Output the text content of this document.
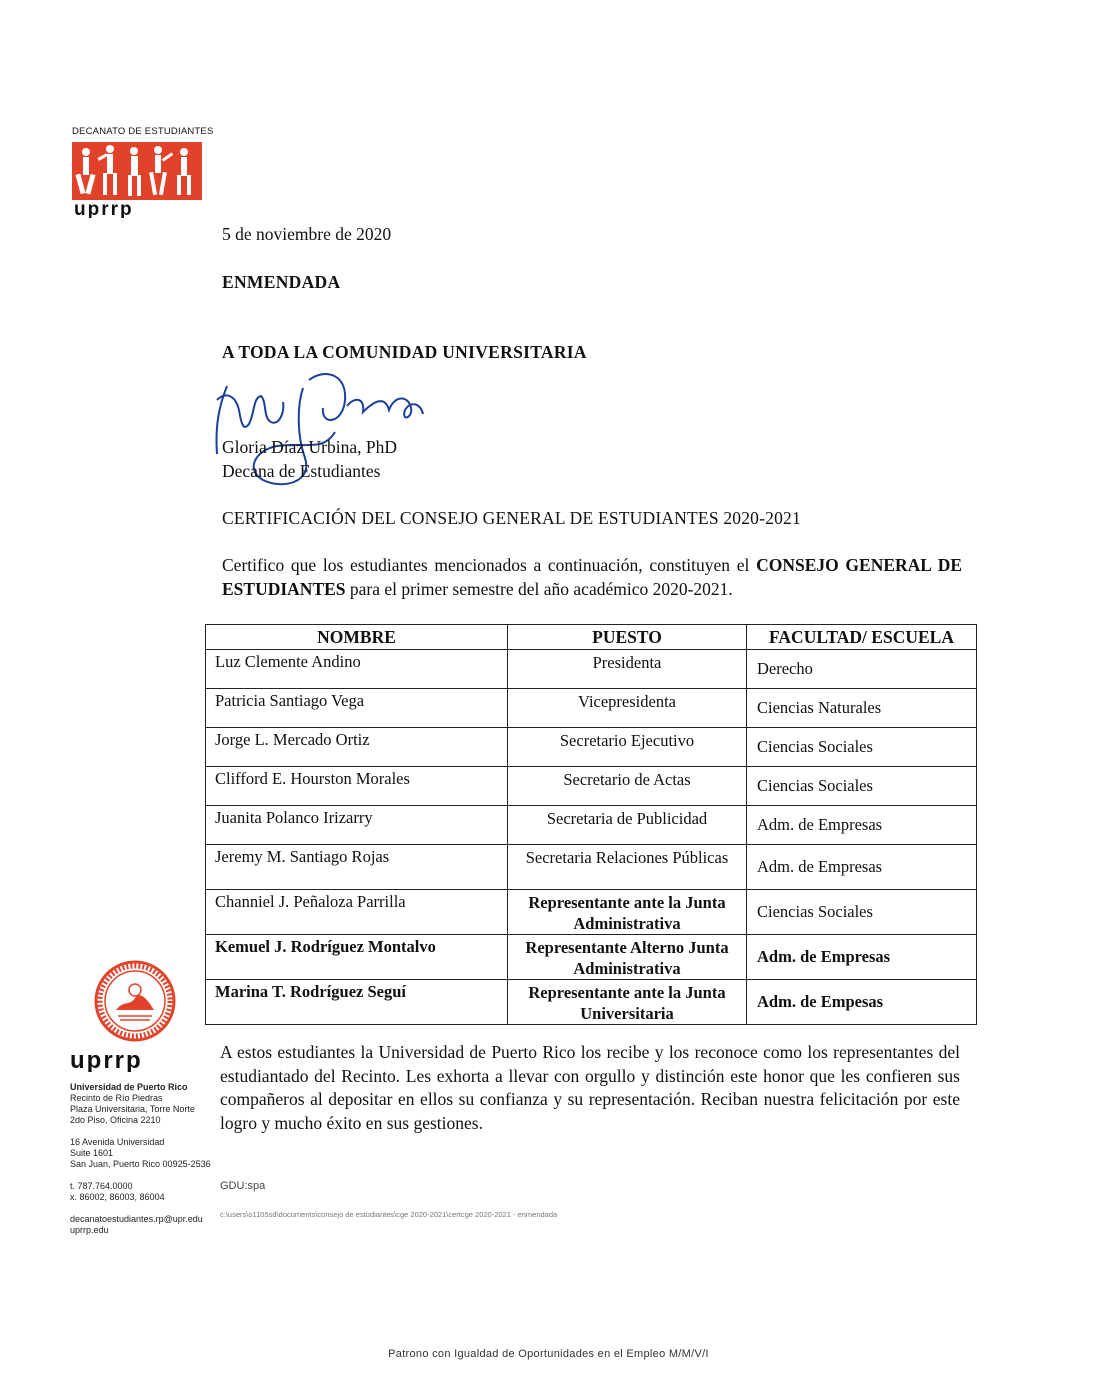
DECANATO DE ESTUDIANTES
uprrp
5 de noviembre de 2020
ENMENDADA
A TODA LA COMUNIDAD UNIVERSITARIA
Gloria Díaz Urbina, PhD
Decana de Estudiantes
CERTIFICACIÓN DEL CONSEJO GENERAL DE ESTUDIANTES 2020-2021
Certifico que los estudiantes mencionados a continuación, constituyen el CONSEJO GENERAL DE ESTUDIANTES para el primer semestre del año académico 2020-2021.
NOMBRE	PUESTO	FACULTAD/ ESCUELA
Luz Clemente Andino	Presidenta	Derecho
Patricia Santiago Vega	Vicepresidenta	Ciencias Naturales
Jorge L. Mercado Ortiz	Secretario Ejecutivo	Ciencias Sociales
Clifford E. Hourston Morales	Secretario de Actas	Ciencias Sociales
Juanita Polanco Irizarry	Secretaria de Publicidad	Adm. de Empresas
Jeremy M. Santiago Rojas	Secretaria Relaciones Públicas	Adm. de Empresas
Channiel J. Peñaloza Parrilla	Representante ante la Junta Administrativa	Ciencias Sociales
Kemuel J. Rodríguez Montalvo	Representante Alterno Junta Administrativa	Adm. de Empresas
Marina T. Rodríguez Seguí	Representante ante la Junta Universitaria	Adm. de Empesas
A estos estudiantes la Universidad de Puerto Rico los recibe y los reconoce como los representantes del estudiantado del Recinto. Les exhorta a llevar con orgullo y distinción este honor que les confieren sus compañeros al depositar en ellos su confianza y su representación. Reciban nuestra felicitación por este logro y mucho éxito en sus gestiones.
GDU:spa
c:\users\o1105sd\documents\consejo de estudiantes\cge 2020-2021\certcge 2020-2021 - enmendada
uprrp
Universidad de Puerto Rico
Recinto de Río Piedras
Plaza Universitaria, Torre Norte
2do Piso, Oficina 2210
16 Avenida Universidad
Suite 1601
San Juan, Puerto Rico 00925-2536
t. 787.764.0000
x. 86002, 86003, 86004
decanatoestudiantes.rp@upr.edu
uprrp.edu
Patrono con Igualdad de Oportunidades en el Empleo M/M/V/I
